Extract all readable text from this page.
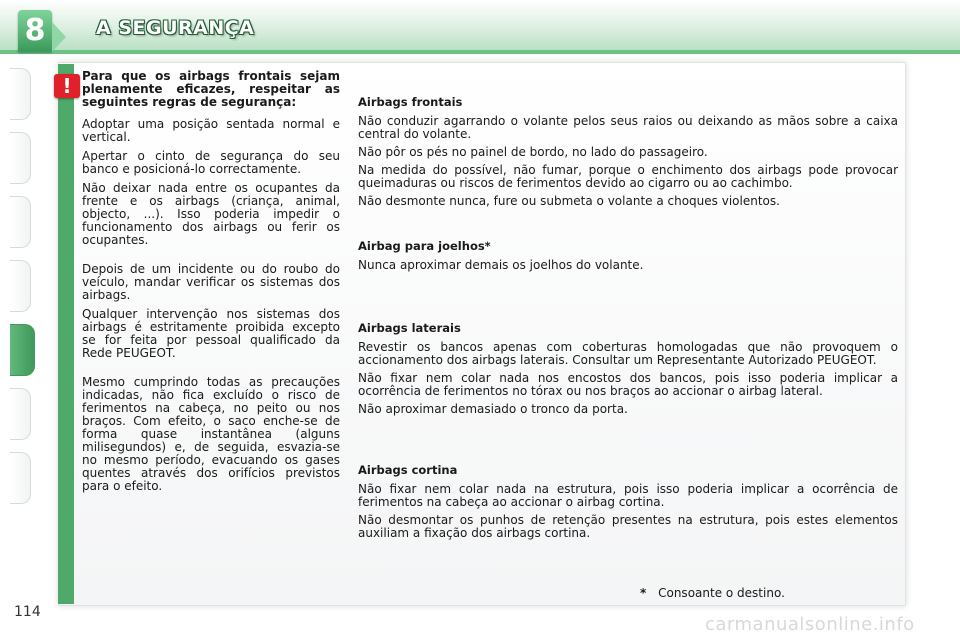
8	A SEGURANÇA
! Para que os airbags frontais sejam plenamente eficazes, respeitar as seguintes regras de segurança:

Adoptar uma posição sentada normal e vertical.

Apertar o cinto de segurança do seu banco e posicioná-lo correctamente.

Não deixar nada entre os ocupantes da frente e os airbags (criança, animal, objecto, ...). Isso poderia impedir o funcionamento dos airbags ou ferir os ocupantes.

Depois de um incidente ou do roubo do veículo, mandar verificar os sistemas dos airbags.

Qualquer intervenção nos sistemas dos airbags é estritamente proibida excepto se for feita por pessoal qualificado da Rede PEUGEOT.

Mesmo cumprindo todas as precauções indicadas, não fica excluído o risco de ferimentos na cabeça, no peito ou nos braços. Com efeito, o saco enche-se de forma quase instantânea (alguns milisegundos) e, de seguida, esvazia-se no mesmo período, evacuando os gases quentes através dos orifícios previstos para o efeito.

Airbags frontais

Não conduzir agarrando o volante pelos seus raios ou deixando as mãos sobre a caixa central do volante.

Não pôr os pés no painel de bordo, no lado do passageiro.

Na medida do possível, não fumar, porque o enchimento dos airbags pode provocar queimaduras ou riscos de ferimentos devido ao cigarro ou ao cachimbo.

Não desmonte nunca, fure ou submeta o volante a choques violentos.

Airbag para joelhos*

Nunca aproximar demais os joelhos do volante.

Airbags laterais

Revestir os bancos apenas com coberturas homologadas que não provoquem o accionamento dos airbags laterais. Consultar um Representante Autorizado PEUGEOT.

Não fixar nem colar nada nos encostos dos bancos, pois isso poderia implicar a ocorrência de ferimentos no tórax ou nos braços ao accionar o airbag lateral.

Não aproximar demasiado o tronco da porta.

Airbags cortina

Não fixar nem colar nada na estrutura, pois isso poderia implicar a ocorrência de ferimentos na cabeça ao accionar o airbag cortina.

Não desmontar os punhos de retenção presentes na estrutura, pois estes elementos auxiliam a fixação dos airbags cortina.

* Consoante o destino.
114
carmanualsonline.info
